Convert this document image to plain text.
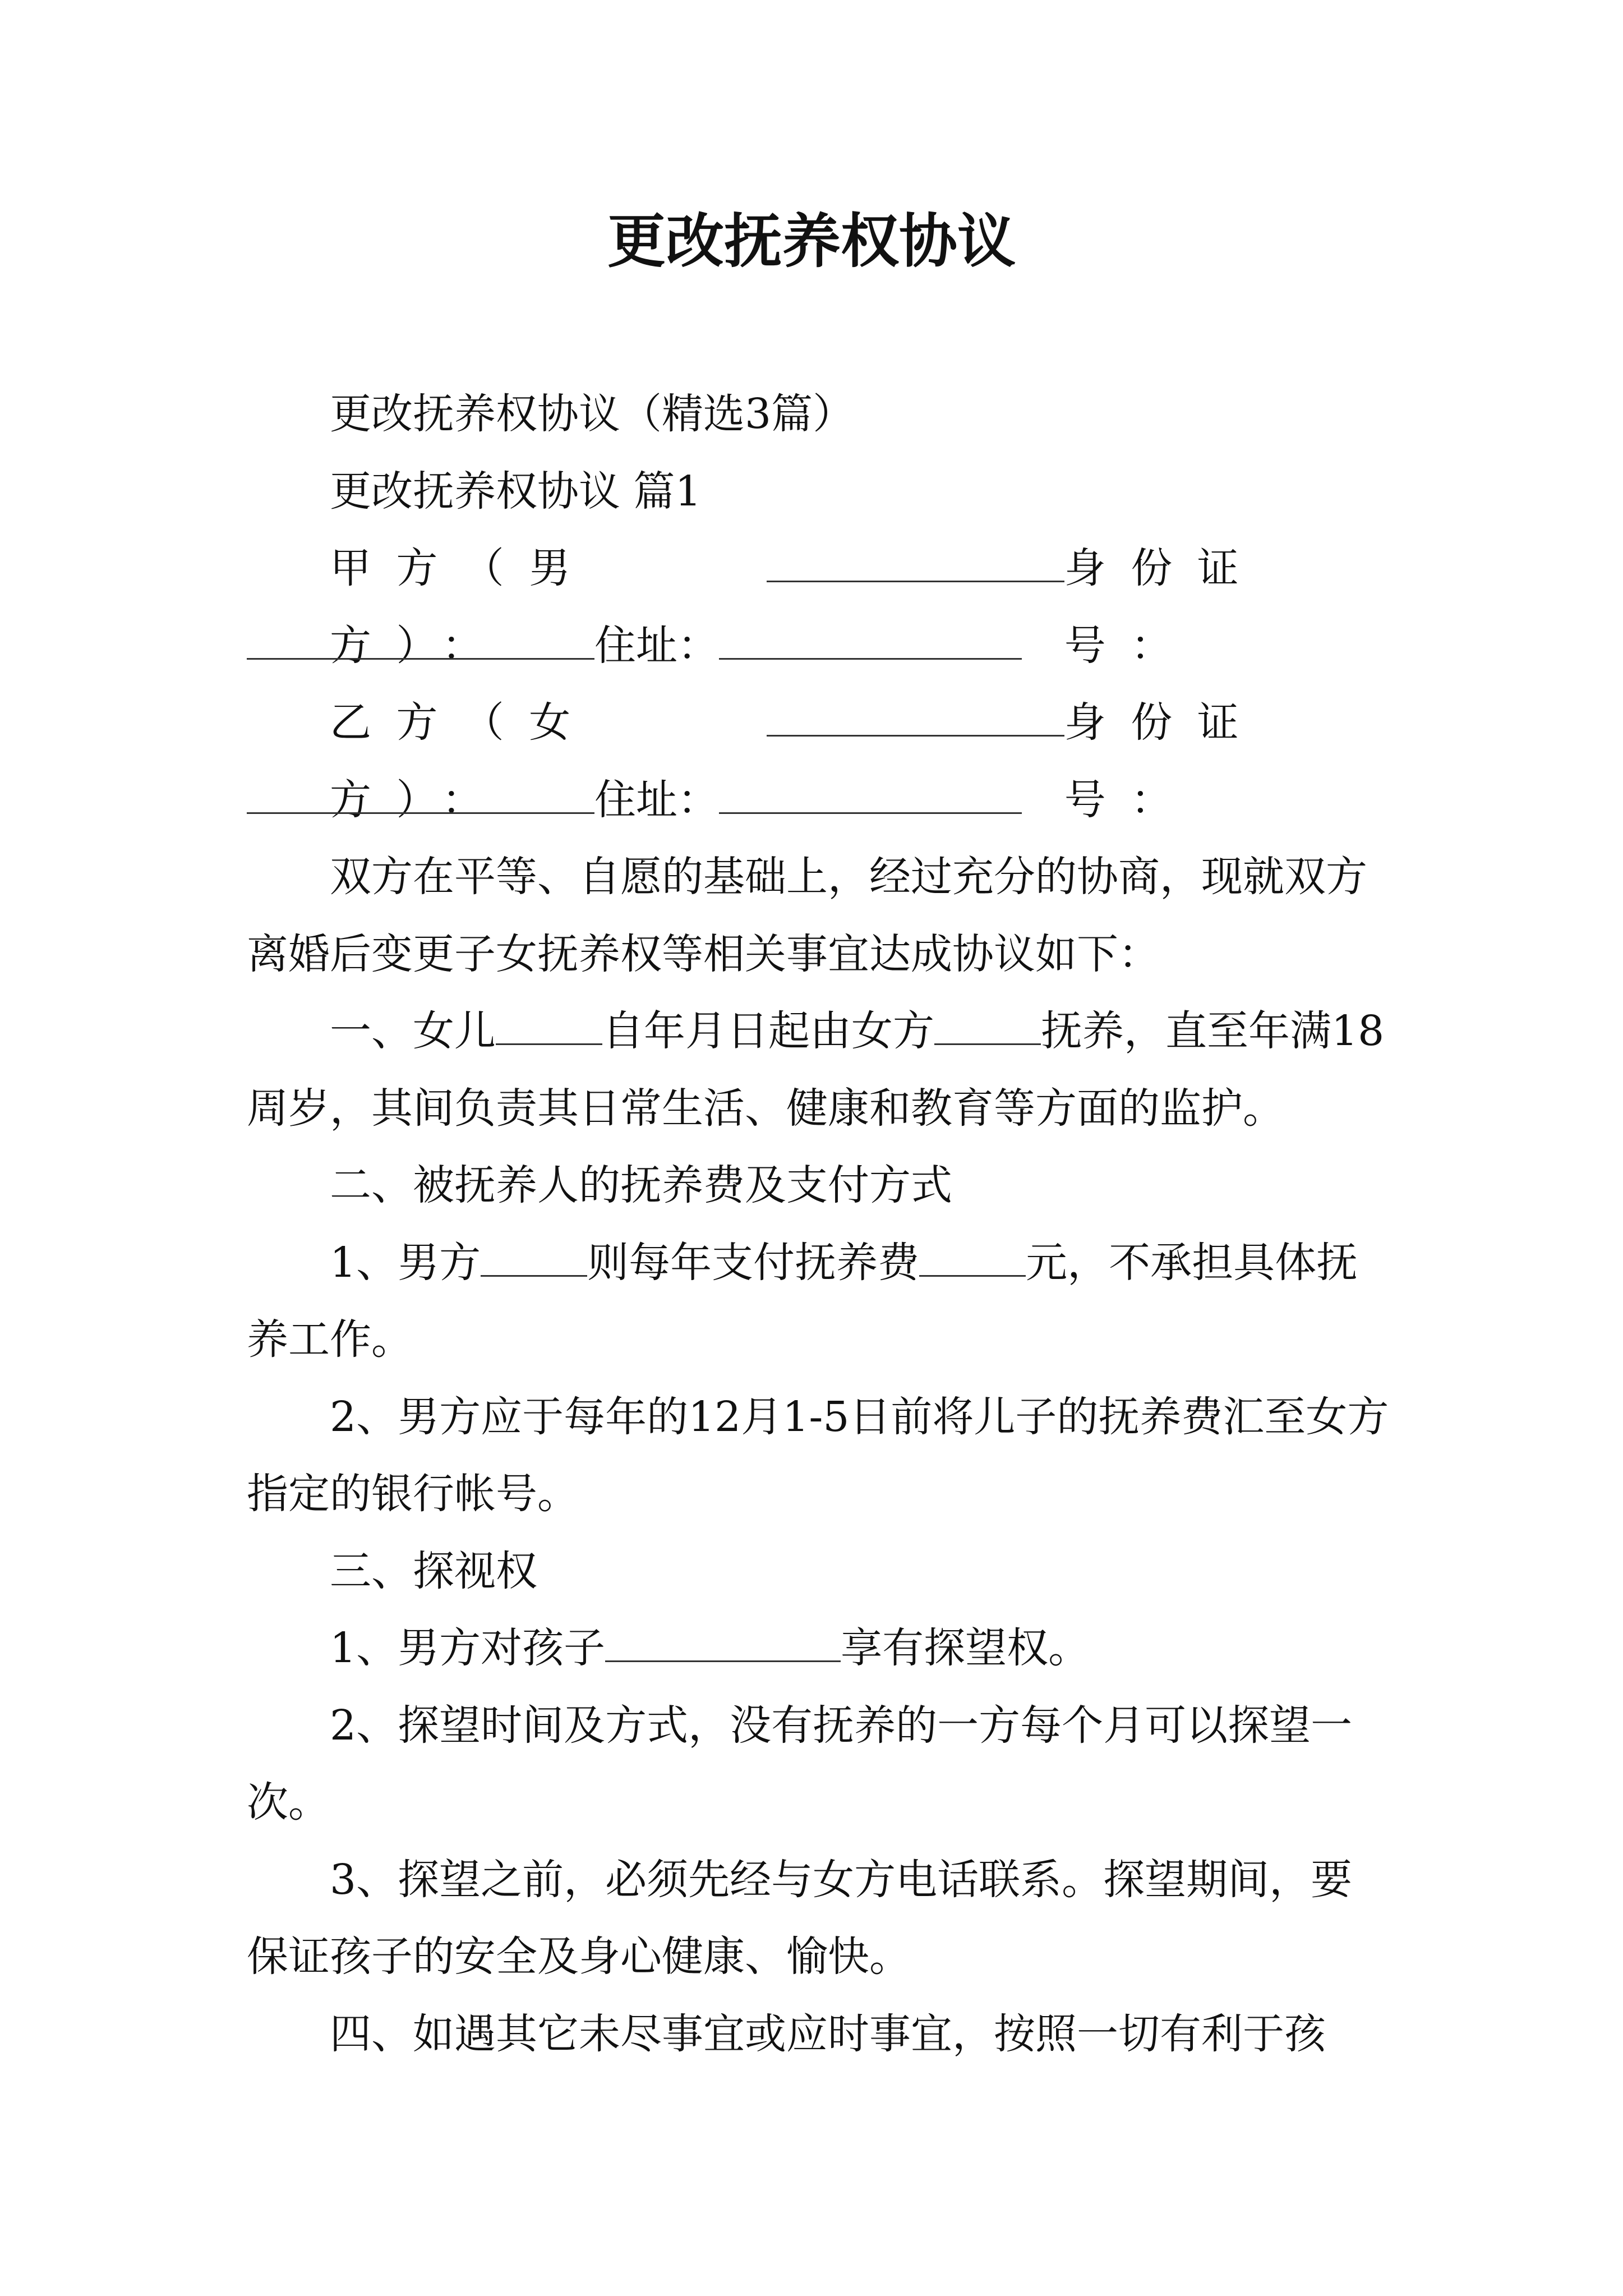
更改抚养权协议

更改抚养权协议（精选3篇）

更改抚养权协议 篇1

甲方（男方）：
身份证号：
住址：
乙方（女方）：
身份证号：
住址：

双方在平等、自愿的基础上，经过充分的协商，现就双方离婚后变更子女抚养权等相关事宜达成协议如下：

一、女儿	自年月日起由女方	抚养，直至年满18周岁，其间负责其日常生活、健康和教育等方面的监护。

二、被抚养人的抚养费及支付方式

1、男方	则每年支付抚养费	元，不承担具体抚养工作。

2、男方应于每年的12月1-5日前将儿子的抚养费汇至女方指定的银行帐号。

三、探视权

1、男方对孩子	享有探望权。

2、探望时间及方式，没有抚养的一方每个月可以探望一次。

3、探望之前，必须先经与女方电话联系。探望期间，要保证孩子的安全及身心健康、愉快。

四、如遇其它未尽事宜或应时事宜，按照一切有利于孩
